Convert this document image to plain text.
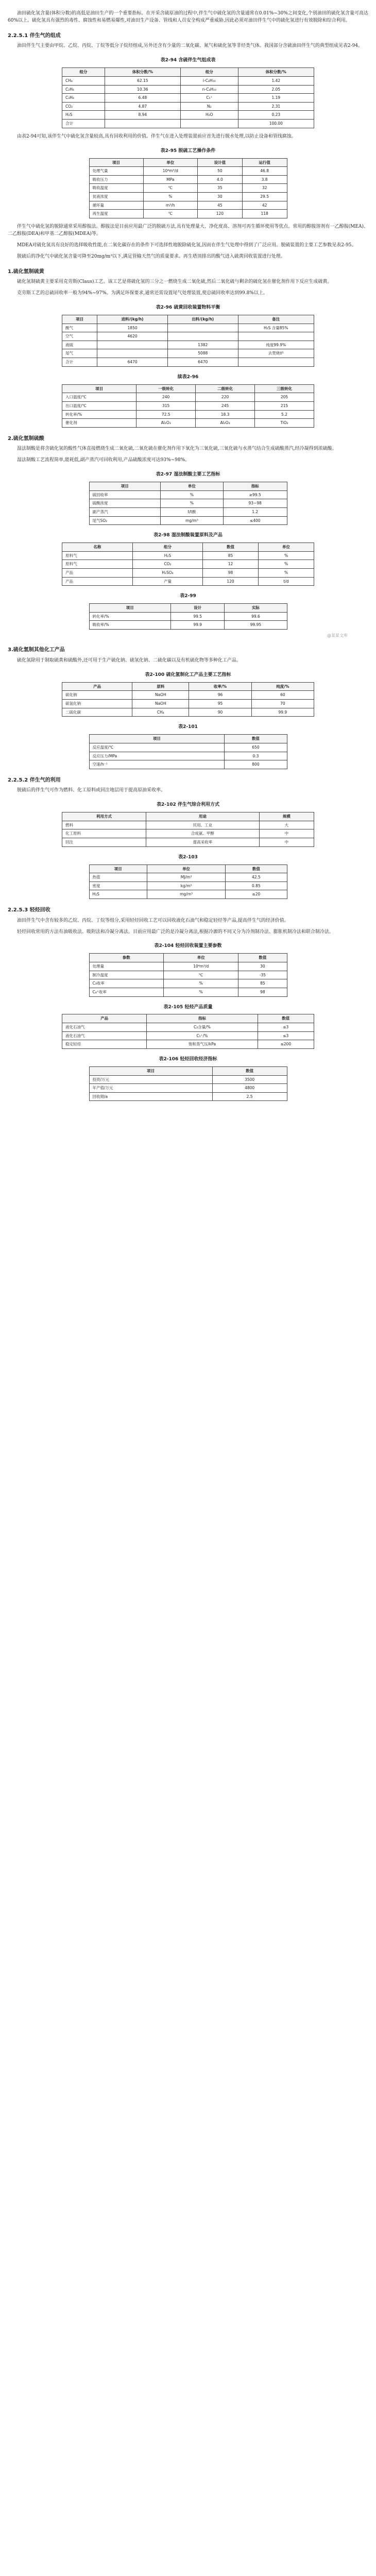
油田硫化氢含量(体积分数)的高低是油田生产的一个重要指标。在开采含硫原油的过程中,伴生气中硫化氢的含量通常在0.01%~30%之间变化,个别油田的硫化氢含量可高达60%以上。硫化氢具有强烈的毒性、腐蚀性和易燃易爆性,对油田生产设备、管线和人员安全构成严重威胁,因此必须对油田伴生气中的硫化氢进行有效脱除和综合利用。

2.2.5.1 伴生气的组成

油田伴生气主要由甲烷、乙烷、丙烷、丁烷等低分子烷烃组成,另外还含有少量的二氧化碳、氮气和硫化氢等非烃类气体。我国部分含硫油田伴生气的典型组成见表2-94。

表2-94 含硫伴生气组成表
组分	体积分数/%	组分	体积分数/%
CH₄	62.15	i-C₄H₁₀	1.42
C₂H₆	10.36	n-C₄H₁₀	2.05
C₃H₈	6.48	C₅⁺	1.19
CO₂	4.87	N₂	2.31
H₂S	8.94	H₂O	0.23
合计			100.00

由表2-94可知,该伴生气中硫化氢含量较高,具有回收利用的价值。伴生气在进入处理装置前应首先进行脱水处理,以防止设备和管线腐蚀。

表2-95 脱硫工艺操作条件
项目	单位	设计值	运行值
处理气量	10⁴m³/d	50	46.8
吸收压力	MPa	4.0	3.8
吸收温度	℃	35	32
贫液浓度	%	30	29.5
循环量	m³/h	45	42
再生温度	℃	120	118

伴生气中硫化氢的脱除通常采用醇胺法。醇胺法是目前应用最广泛的脱硫方法,具有处理量大、净化度高、溶剂可再生循环使用等优点。常用的醇胺溶剂有一乙醇胺(MEA)、二乙醇胺(DEA)和甲基二乙醇胺(MDEA)等。

MDEA对硫化氢具有良好的选择吸收性能,在二氧化碳存在的条件下可选择性地脱除硫化氢,因而在伴生气处理中得到了广泛应用。脱硫装置的主要工艺参数见表2-95。

脱硫后的净化气中硫化氢含量可降至20mg/m³以下,满足管输天然气的质量要求。再生塔顶排出的酸气进入硫黄回收装置进行处理。

1.硫化氢制硫黄

硫化氢制硫黄主要采用克劳斯(Claus)工艺。该工艺是将硫化氢的三分之一燃烧生成二氧化硫,然后二氧化硫与剩余的硫化氢在催化剂作用下反应生成硫黄。

克劳斯工艺的总硫回收率一般为94%~97%。为满足环保要求,通常还需设置尾气处理装置,使总硫回收率达到99.8%以上。

表2-96 硫黄回收装置物料平衡
项目	进料/(kg/h)	出料/(kg/h)	备注
酸气	1850		H₂S 含量85%
空气	4620		
液硫		1382	纯度99.9%
尾气		5088	去焚烧炉
合计	6470	6470	
续表2-96
项目	一级转化	二级转化	三级转化
入口温度/℃	240	220	205
出口温度/℃	315	245	215
转化率/%	72.5	18.3	5.2
催化剂	Al₂O₃	Al₂O₃	TiO₂
2.硫化氢制硫酸

湿法制酸是将含硫化氢的酸性气体直接燃烧生成二氧化硫,二氧化硫在催化剂作用下氧化为三氧化硫,三氧化硫与水蒸气结合生成硫酸蒸汽,经冷凝得到浓硫酸。

湿法制酸工艺流程简单,能耗低,副产蒸汽可回收利用,产品硫酸浓度可达93%~98%。

表2-97 湿法制酸主要工艺指标
项目	单位	指标
硫回收率	%	≥99.5
硫酸浓度	%	93~98
副产蒸汽	t/t酸	1.2
尾气SO₂	mg/m³	≤400
表2-98 湿法制酸装置原料及产品
名称	组分	数值	单位
原料气	H₂S	85	%
原料气	CO₂	12	%
产品	H₂SO₄	98	%
产品	产量	120	t/d
表2-99
项目	设计	实际
转化率/%	99.5	99.6
吸收率/%	99.9	99.95
@某某文库
3.硫化氢制其他化工产品

硫化氢除用于制取硫黄和硫酸外,还可用于生产硫化钠、硫氢化钠、二硫化碳以及有机硫化物等多种化工产品。

表2-100 硫化氢制化工产品主要工艺指标
产品	原料	收率/%	纯度/%
硫化钠	NaOH	96	60
硫氢化钠	NaOH	95	70
二硫化碳	CH₄	90	99.9
表2-101
项目	数值
反应温度/℃	650
反应压力/MPa	0.3
空速/h⁻¹	800
2.2.5.2 伴生气的利用

脱硫后的伴生气可作为燃料、化工原料或回注地层用于提高原油采收率。

表2-102 伴生气综合利用方式
利用方式	用途	规模
燃料	民用、工业	大
化工原料	合成氨、甲醇	中
回注	提高采收率	中
表2-103
项目	单位	数值
热值	MJ/m³	42.5
密度	kg/m³	0.85
H₂S	mg/m³	≤20
2.2.5.3 轻烃回收

油田伴生气中含有较多的乙烷、丙烷、丁烷等组分,采用轻烃回收工艺可以回收液化石油气和稳定轻烃等产品,提高伴生气的经济价值。

轻烃回收常用的方法有油吸收法、吸附法和冷凝分离法。目前应用最广泛的是冷凝分离法,根据冷源的不同又分为冷剂制冷法、膨胀机制冷法和联合制冷法。

表2-104 轻烃回收装置主要参数
参数	单位	数值
处理量	10⁴m³/d	30
制冷温度	℃	-35
C₃收率	%	85
C₄⁺收率	%	98
表2-105 轻烃产品质量
产品	指标	数值
液化石油气	C₂含量/%	≤3
液化石油气	C₅⁺/%	≤3
稳定轻烃	饱和蒸气压/kPa	≤200
表2-106 轻烃回收经济指标
项目	数值
投资/万元	3500
年产值/万元	4800
回收期/a	2.5
